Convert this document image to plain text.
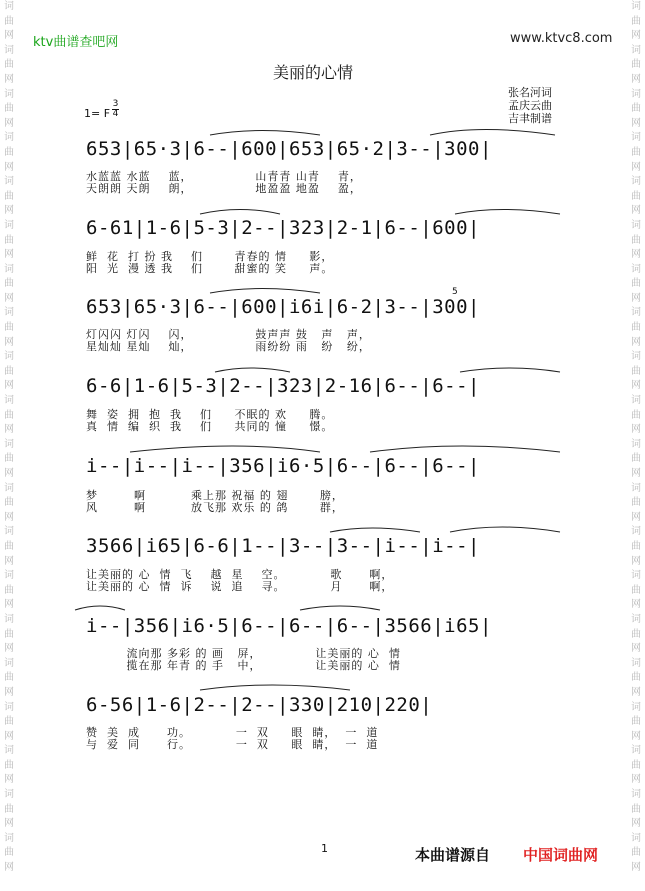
词
曲
网
词
曲
网
词
曲
网
词
曲
网
词
曲
网
词
曲
网
词
曲
网
词
曲
网
词
曲
网
词
曲
网
词
曲
网
词
曲
网
词
曲
网
词
曲
网
词
曲
网
词
曲
网
词
曲
网
词
曲
网
词
曲
网
词
曲
网
词
曲
网
词
曲
网
词
曲
网
词
曲
网
词
曲
网
词
曲
网
词
曲
网
词
曲
网
词
曲
网
词
曲
网
词
曲
网
词
曲
网
词
曲
网
词
曲
网
词
曲
网
词
曲
网
词
曲
网
词
曲
网
词
曲
网
词
曲
网
ktv曲谱查吧网	www.ktvc8.com
美丽的心情
张名河词
孟庆云曲
吉聿制谱
1= F
3
4
653|65·3|6--|600|653|65·2|3--|300|
水蓝蓝 水蓝    蓝，              山青青 山青    青，
天朗朗 天朗    朗，              地盈盈 地盈    盈，
6-61|1-6|5-3|2--|323|2-1|6--|600|
鲜  花  打 扮 我    们       青春的 情     影，
阳  光  漫 透 我    们       甜蜜的 笑     声。
5
653|65·3|6--|600|i6i|6-2|3--|300|
灯闪闪 灯闪    闪，              鼓声声 鼓   声   声，
星灿灿 星灿    灿，              雨纷纷 雨   纷   纷，
6-6|1-6|5-3|2--|323|2-16|6--|6--|
舞  姿  拥  抱  我    们     不眠的 欢     腾。
真  情  编  织  我    们     共同的 憧     憬。
i--|i--|i--|356|i6·5|6--|6--|6--|
梦        啊          乘上那 祝福 的 翅       膀，
风        啊          放飞那 欢乐 的 鸽       群，
3566|i65|6-6|1--|3--|3--|i--|i--|
让美丽的 心  情  飞    越  星    空。          歌      啊，
让美丽的 心  情  诉    说  追    寻。          月      啊，
i--|356|i6·5|6--|6--|6--|3566|i65|
流向那 多彩 的 画   屏，            让美丽的 心  情
揽在那 年青 的 手   中，            让美丽的 心  情
6-56|1-6|2--|2--|330|210|220|
赞  美  成      功。          一  双     眼  睛，  一  道
与  爱  同      行。          一  双     眼  睛，  一  道
1	本曲谱源自 中国词曲网
